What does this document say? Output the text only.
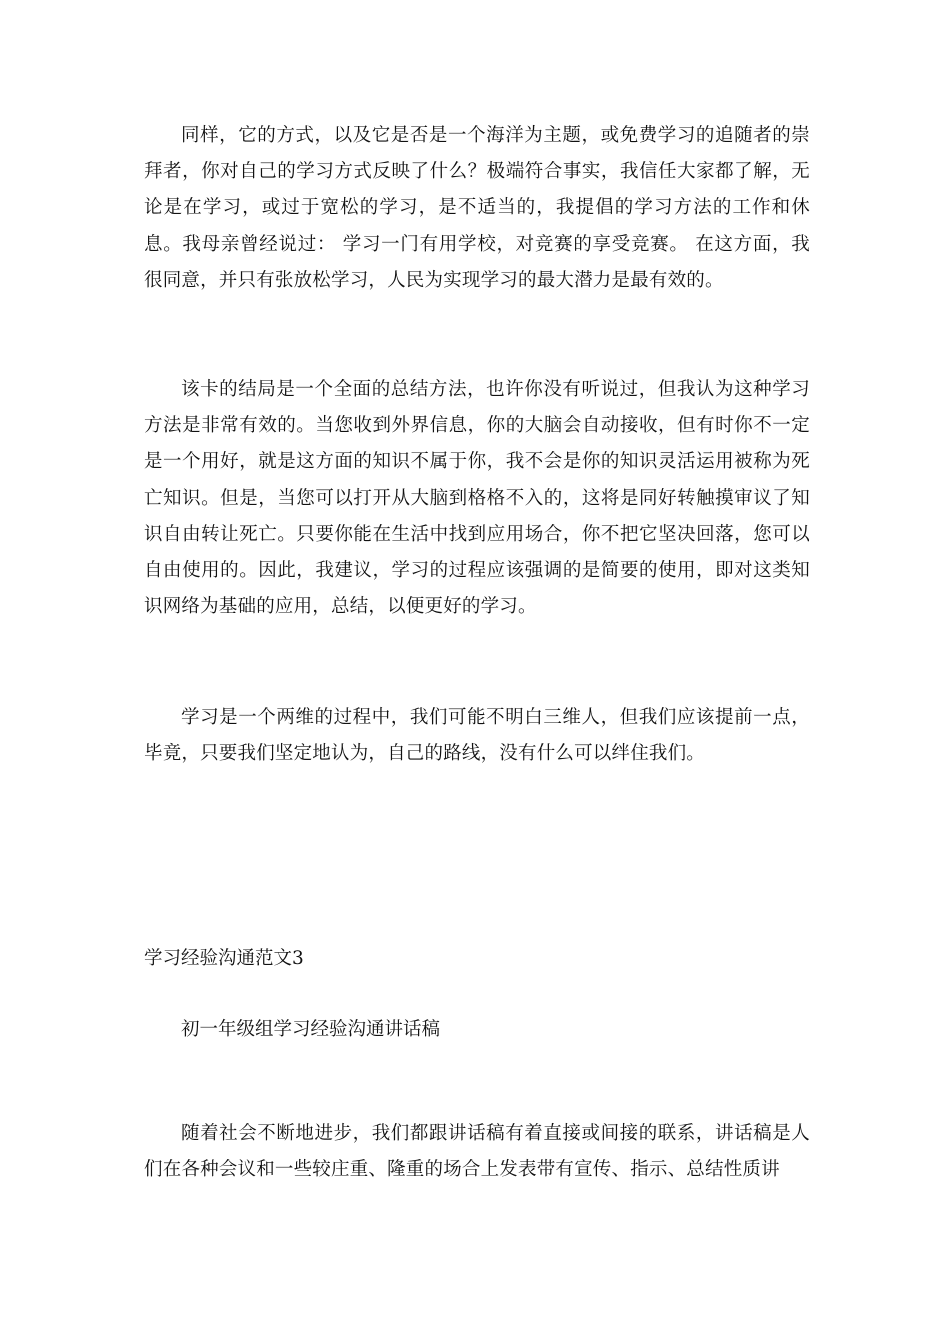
同样，它的方式，以及它是否是一个海洋为主题，或免费学习的追随者的崇拜者，你对自己的学习方式反映了什么？极端符合事实，我信任大家都了解，无论是在学习，或过于宽松的学习，是不适当的，我提倡的学习方法的工作和休息。我母亲曾经说过： 学习一门有用学校，对竞赛的享受竞赛。 在这方面，我很同意，并只有张放松学习，人民为实现学习的最大潜力是最有效的。

该卡的结局是一个全面的总结方法，也许你没有听说过，但我认为这种学习方法是非常有效的。当您收到外界信息，你的大脑会自动接收，但有时你不一定是一个用好，就是这方面的知识不属于你，我不会是你的知识灵活运用被称为死亡知识。但是，当您可以打开从大脑到格格不入的，这将是同好转触摸审议了知识自由转让死亡。只要你能在生活中找到应用场合，你不把它坚决回落，您可以自由使用的。因此，我建议，学习的过程应该强调的是简要的使用，即对这类知识网络为基础的应用，总结，以便更好的学习。

学习是一个两维的过程中，我们可能不明白三维人，但我们应该提前一点，毕竟，只要我们坚定地认为，自己的路线，没有什么可以绊住我们。

学习经验沟通范文3
初一年级组学习经验沟通讲话稿

随着社会不断地进步，我们都跟讲话稿有着直接或间接的联系，讲话稿是人们在各种会议和一些较庄重、隆重的场合上发表带有宣传、指示、总结性质讲
